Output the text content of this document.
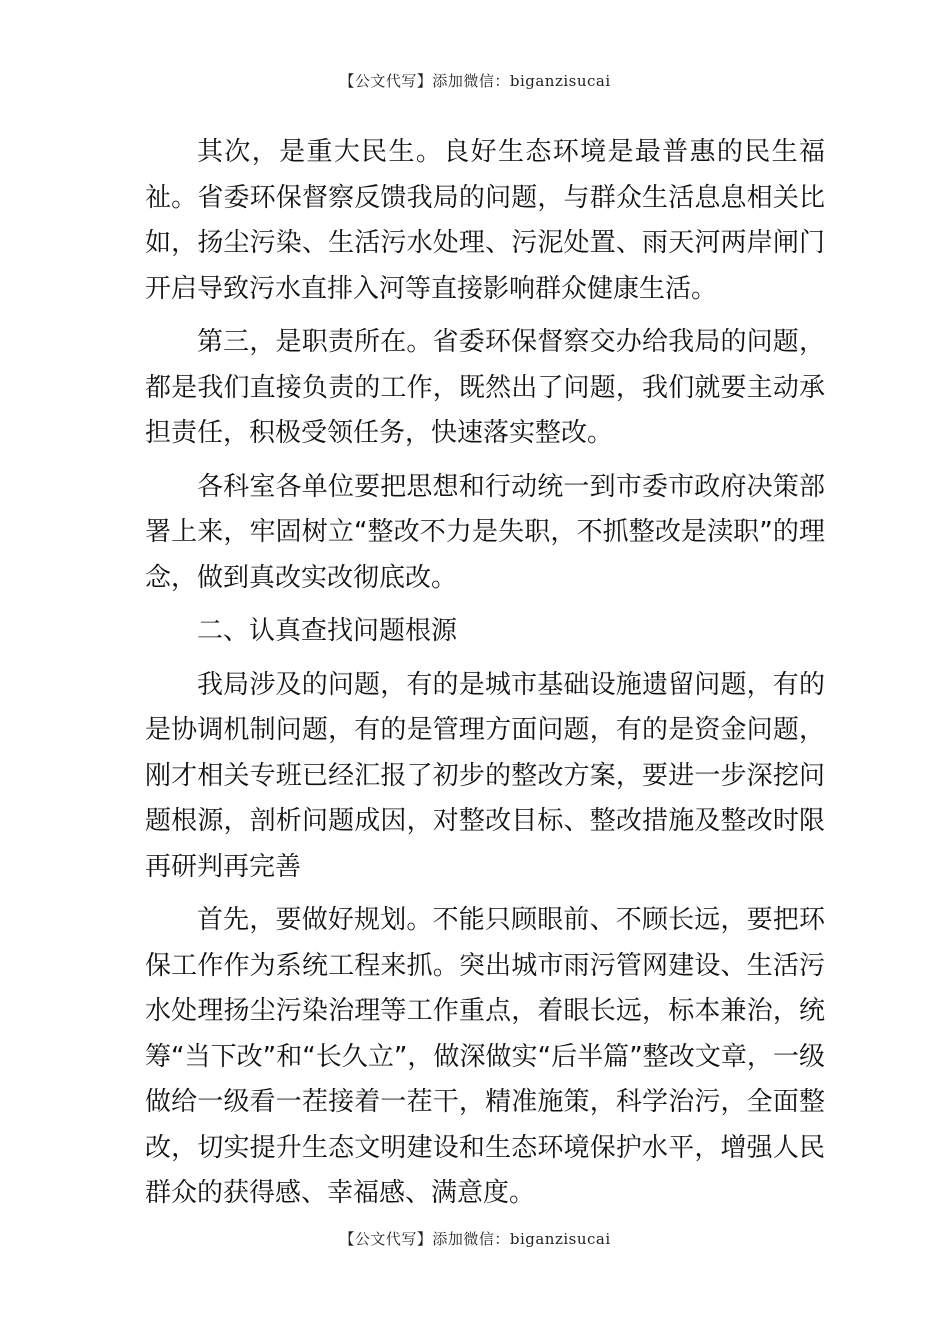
【公文代写】添加微信：biganzisucai

其次，是重大民生。良好生态环境是最普惠的民生福祉。省委环保督察反馈我局的问题，与群众生活息息相关比如，扬尘污染、生活污水处理、污泥处置、雨天河两岸闸门开启导致污水直排入河等直接影响群众健康生活。

第三，是职责所在。省委环保督察交办给我局的问题，都是我们直接负责的工作，既然出了问题，我们就要主动承担责任，积极受领任务，快速落实整改。

各科室各单位要把思想和行动统一到市委市政府决策部署上来，牢固树立“整改不力是失职，不抓整改是渎职”的理念，做到真改实改彻底改。

二、认真查找问题根源

我局涉及的问题，有的是城市基础设施遗留问题，有的是协调机制问题，有的是管理方面问题，有的是资金问题，刚才相关专班已经汇报了初步的整改方案，要进一步深挖问题根源，剖析问题成因，对整改目标、整改措施及整改时限再研判再完善

首先，要做好规划。不能只顾眼前、不顾长远，要把环保工作作为系统工程来抓。突出城市雨污管网建设、生活污水处理扬尘污染治理等工作重点，着眼长远，标本兼治，统筹“当下改”和“长久立”，做深做实“后半篇”整改文章，一级做给一级看一茬接着一茬干，精准施策，科学治污，全面整改，切实提升生态文明建设和生态环境保护水平，增强人民群众的获得感、幸福感、满意度。

【公文代写】添加微信：biganzisucai
